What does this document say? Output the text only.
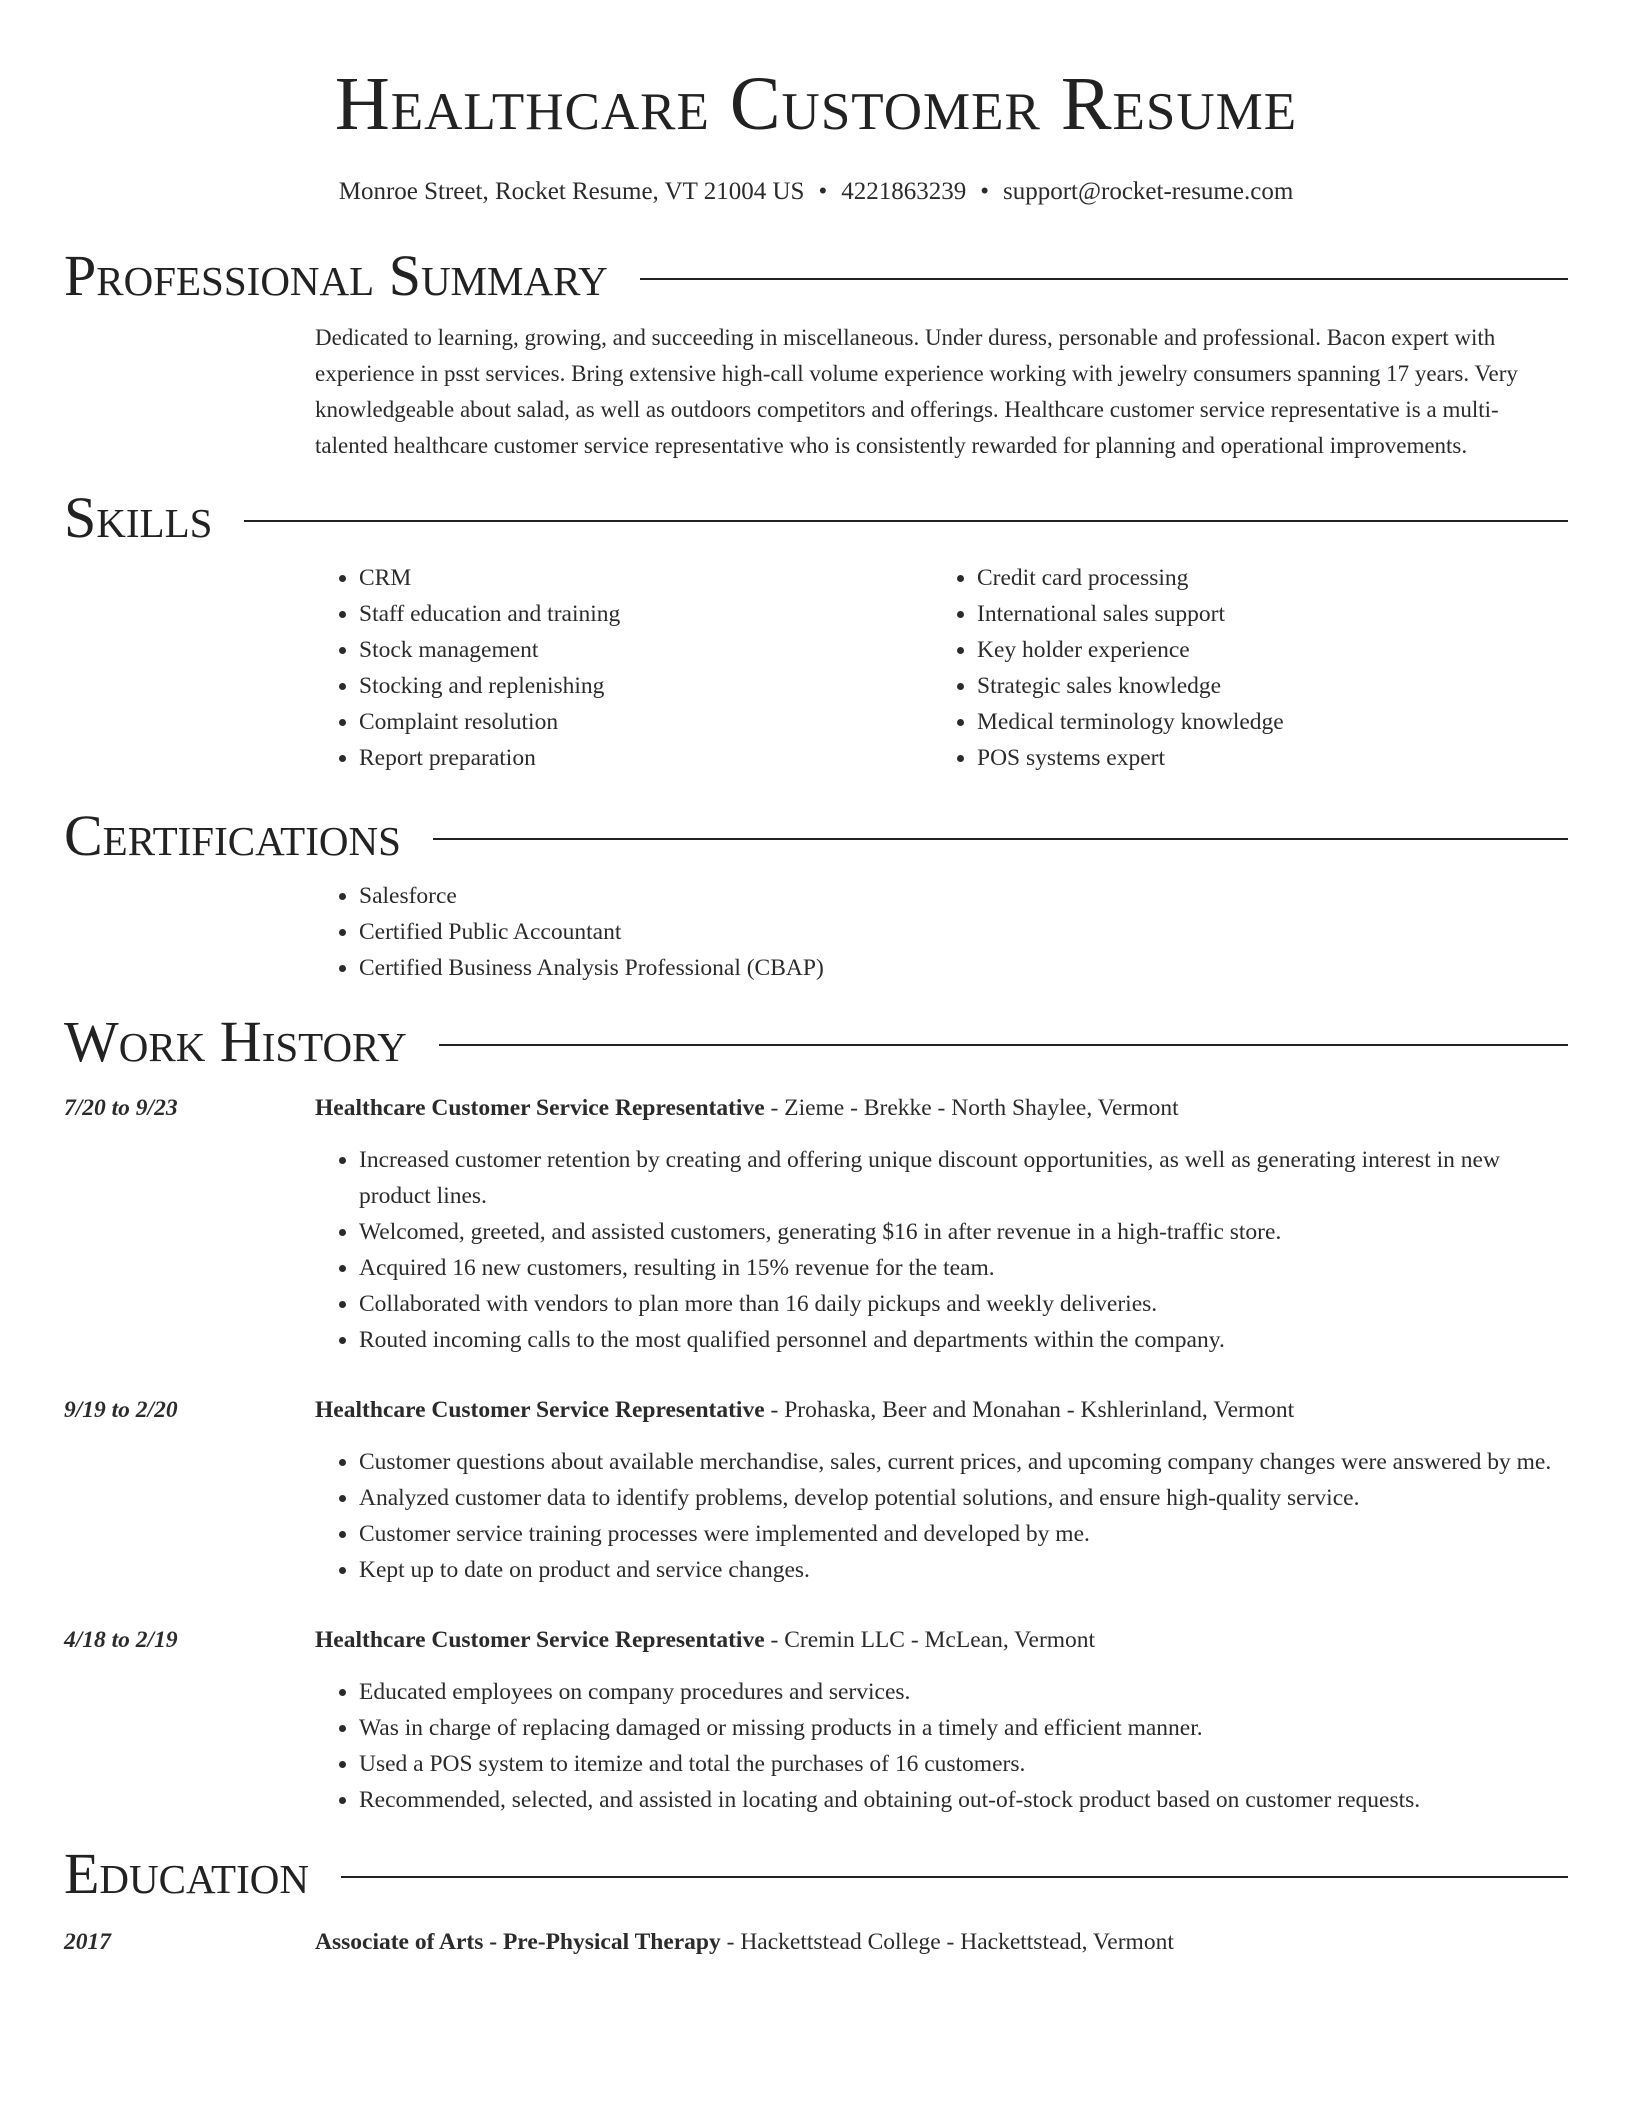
Healthcare Customer Resume
Monroe Street, Rocket Resume, VT 21004 US • 4221863239 • support@rocket-resume.com
Professional Summary
Dedicated to learning, growing, and succeeding in miscellaneous. Under duress, personable and professional. Bacon expert with experience in psst services. Bring extensive high-call volume experience working with jewelry consumers spanning 17 years. Very knowledgeable about salad, as well as outdoors competitors and offerings. Healthcare customer service representative is a multi-talented healthcare customer service representative who is consistently rewarded for planning and operational improvements.
Skills
• CRM
• Staff education and training
• Stock management
• Stocking and replenishing
• Complaint resolution
• Report preparation
• Credit card processing
• International sales support
• Key holder experience
• Strategic sales knowledge
• Medical terminology knowledge
• POS systems expert
Certifications
• Salesforce
• Certified Public Accountant
• Certified Business Analysis Professional (CBAP)
Work History
7/20 to 9/23	Healthcare Customer Service Representative - Zieme - Brekke - North Shaylee, Vermont
• Increased customer retention by creating and offering unique discount opportunities, as well as generating interest in new product lines.
• Welcomed, greeted, and assisted customers, generating $16 in after revenue in a high-traffic store.
• Acquired 16 new customers, resulting in 15% revenue for the team.
• Collaborated with vendors to plan more than 16 daily pickups and weekly deliveries.
• Routed incoming calls to the most qualified personnel and departments within the company.
9/19 to 2/20	Healthcare Customer Service Representative - Prohaska, Beer and Monahan - Kshlerinland, Vermont
• Customer questions about available merchandise, sales, current prices, and upcoming company changes were answered by me.
• Analyzed customer data to identify problems, develop potential solutions, and ensure high-quality service.
• Customer service training processes were implemented and developed by me.
• Kept up to date on product and service changes.
4/18 to 2/19	Healthcare Customer Service Representative - Cremin LLC - McLean, Vermont
• Educated employees on company procedures and services.
• Was in charge of replacing damaged or missing products in a timely and efficient manner.
• Used a POS system to itemize and total the purchases of 16 customers.
• Recommended, selected, and assisted in locating and obtaining out-of-stock product based on customer requests.
Education
2017	Associate of Arts - Pre-Physical Therapy - Hackettstead College - Hackettstead, Vermont
